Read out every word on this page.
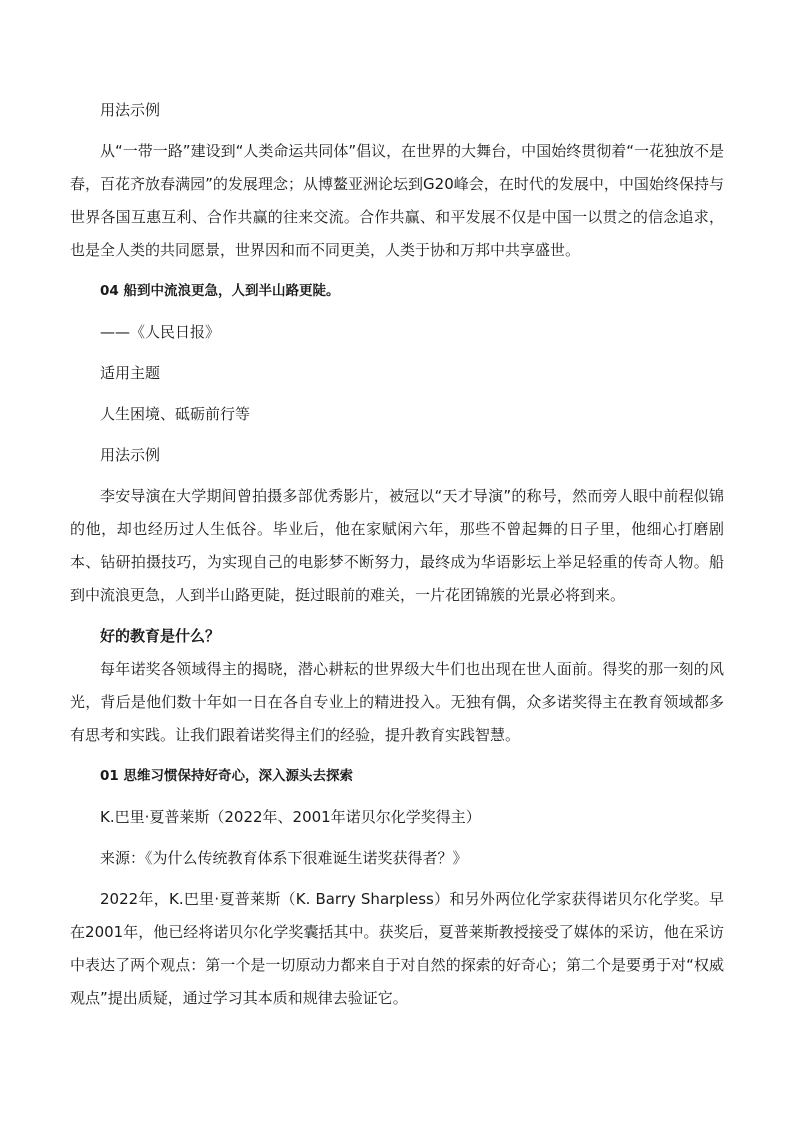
用法示例

从“一带一路”建设到“人类命运共同体”倡议，在世界的大舞台，中国始终贯彻着“一花独放不是春，百花齐放春满园”的发展理念；从博鳌亚洲论坛到G20峰会，在时代的发展中，中国始终保持与世界各国互惠互利、合作共赢的往来交流。合作共赢、和平发展不仅是中国一以贯之的信念追求，也是全人类的共同愿景，世界因和而不同更美，人类于协和万邦中共享盛世。

04 船到中流浪更急，人到半山路更陡。

——《人民日报》

适用主题

人生困境、砥砺前行等

用法示例

李安导演在大学期间曾拍摄多部优秀影片，被冠以“天才导演”的称号，然而旁人眼中前程似锦的他，却也经历过人生低谷。毕业后，他在家赋闲六年，那些不曾起舞的日子里，他细心打磨剧本、钻研拍摄技巧，为实现自己的电影梦不断努力，最终成为华语影坛上举足轻重的传奇人物。船到中流浪更急，人到半山路更陡，挺过眼前的难关，一片花团锦簇的光景必将到来。

好的教育是什么？

每年诺奖各领域得主的揭晓，潜心耕耘的世界级大牛们也出现在世人面前。得奖的那一刻的风光，背后是他们数十年如一日在各自专业上的精进投入。无独有偶，众多诺奖得主在教育领域都多有思考和实践。让我们跟着诺奖得主们的经验，提升教育实践智慧。

01 思维习惯保持好奇心，深入源头去探索

K.巴里·夏普莱斯（2022年、2001年诺贝尔化学奖得主）

来源：《为什么传统教育体系下很难诞生诺奖获得者？》

2022年，K.巴里·夏普莱斯（K. Barry Sharpless）和另外两位化学家获得诺贝尔化学奖。早在2001年，他已经将诺贝尔化学奖囊括其中。获奖后，夏普莱斯教授接受了媒体的采访，他在采访中表达了两个观点：第一个是一切原动力都来自于对自然的探索的好奇心；第二个是要勇于对“权威观点”提出质疑，通过学习其本质和规律去验证它。
